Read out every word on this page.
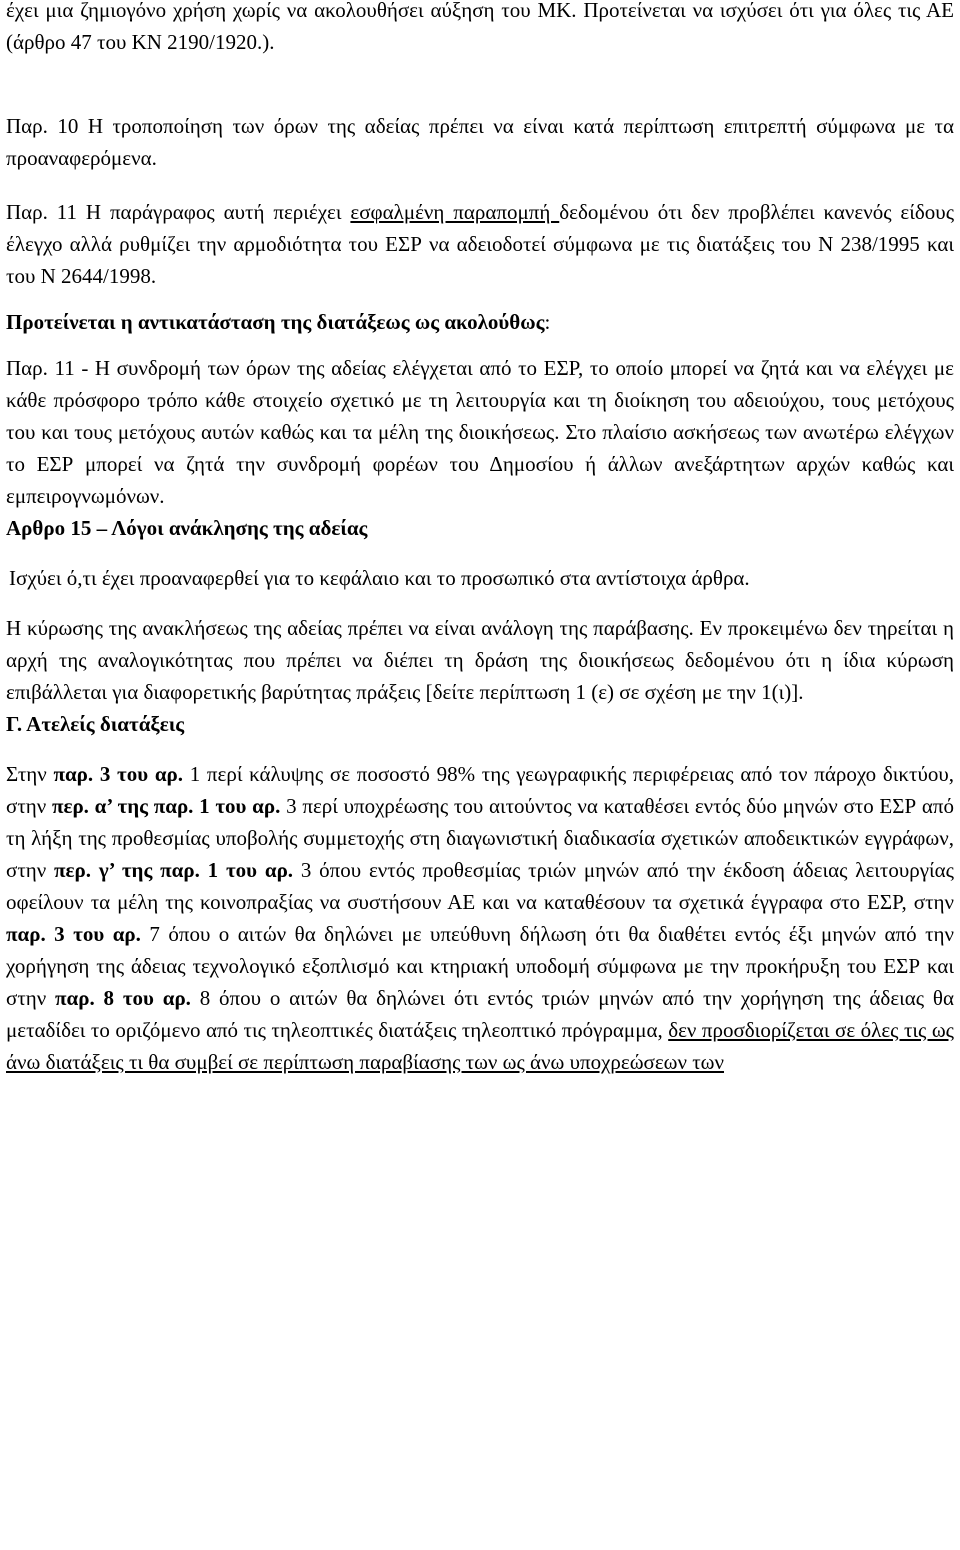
έχει μια ζημιογόνο χρήση χωρίς να ακολουθήσει αύξηση του ΜΚ. Προτείνεται να ισχύσει ότι για όλες τις ΑΕ (άρθρο 47 του ΚΝ 2190/1920.).

Παρ. 10 Η τροποποίηση των όρων της αδείας πρέπει να είναι κατά περίπτωση επιτρεπτή σύμφωνα με τα προαναφερόμενα.

Παρ. 11 Η παράγραφος αυτή περιέχει εσφαλμένη παραπομπή δεδομένου ότι δεν προβλέπει κανενός είδους έλεγχο αλλά ρυθμίζει την αρμοδιότητα του ΕΣΡ να αδειοδοτεί σύμφωνα με τις διατάξεις του Ν 238/1995 και του Ν 2644/1998.

Προτείνεται η αντικατάσταση της διατάξεως ως ακολούθως:

Παρ. 11 - Η συνδρομή των όρων της αδείας ελέγχεται από το ΕΣΡ, το οποίο μπορεί να ζητά και να ελέγχει με κάθε πρόσφορο τρόπο κάθε στοιχείο σχετικό με τη λειτουργία και τη διοίκηση του αδειούχου, τους μετόχους του και τους μετόχους αυτών καθώς και τα μέλη της διοικήσεως. Στο πλαίσιο ασκήσεως των ανωτέρω ελέγχων το ΕΣΡ μπορεί να ζητά την συνδρομή φορέων του Δημοσίου ή άλλων ανεξάρτητων αρχών καθώς και εμπειρογνωμόνων.

Αρθρο 15 – Λόγοι ανάκλησης της αδείας

Ισχύει ό,τι έχει προαναφερθεί για το κεφάλαιο και το προσωπικό στα αντίστοιχα άρθρα.

Η κύρωσης της ανακλήσεως της αδείας πρέπει να είναι ανάλογη της παράβασης. Εν προκειμένω δεν τηρείται η αρχή της αναλογικότητας που πρέπει να διέπει τη δράση της διοικήσεως δεδομένου ότι η ίδια κύρωση επιβάλλεται για διαφορετικής βαρύτητας πράξεις [δείτε περίπτωση 1 (ε) σε σχέση με την 1(ι)].

Γ. Ατελείς διατάξεις

Στην παρ. 3 του αρ. 1 περί κάλυψης σε ποσοστό 98% της γεωγραφικής περιφέρειας από τον πάροχο δικτύου, στην περ. α’ της παρ. 1 του αρ. 3 περί υποχρέωσης του αιτούντος να καταθέσει εντός δύο μηνών στο ΕΣΡ από τη λήξη της προθεσμίας υποβολής συμμετοχής στη διαγωνιστική διαδικασία σχετικών αποδεικτικών εγγράφων, στην περ. γ’ της παρ. 1 του αρ. 3 όπου εντός προθεσμίας τριών μηνών από την έκδοση άδειας λειτουργίας οφείλουν τα μέλη της κοινοπραξίας να συστήσουν ΑΕ και να καταθέσουν τα σχετικά έγγραφα στο ΕΣΡ, στην παρ. 3 του αρ. 7 όπου ο αιτών θα δηλώνει με υπεύθυνη δήλωση ότι θα διαθέτει εντός έξι μηνών από την χορήγηση της άδειας τεχνολογικό εξοπλισμό και κτηριακή υποδομή σύμφωνα με την προκήρυξη του ΕΣΡ και στην παρ. 8 του αρ. 8 όπου ο αιτών θα δηλώνει ότι εντός τριών μηνών από την χορήγηση της άδειας θα μεταδίδει το οριζόμενο από τις τηλεοπτικές διατάξεις τηλεοπτικό πρόγραμμα, δεν προσδιορίζεται σε όλες τις ως άνω διατάξεις τι θα συμβεί σε περίπτωση παραβίασης των ως άνω υποχρεώσεων των
